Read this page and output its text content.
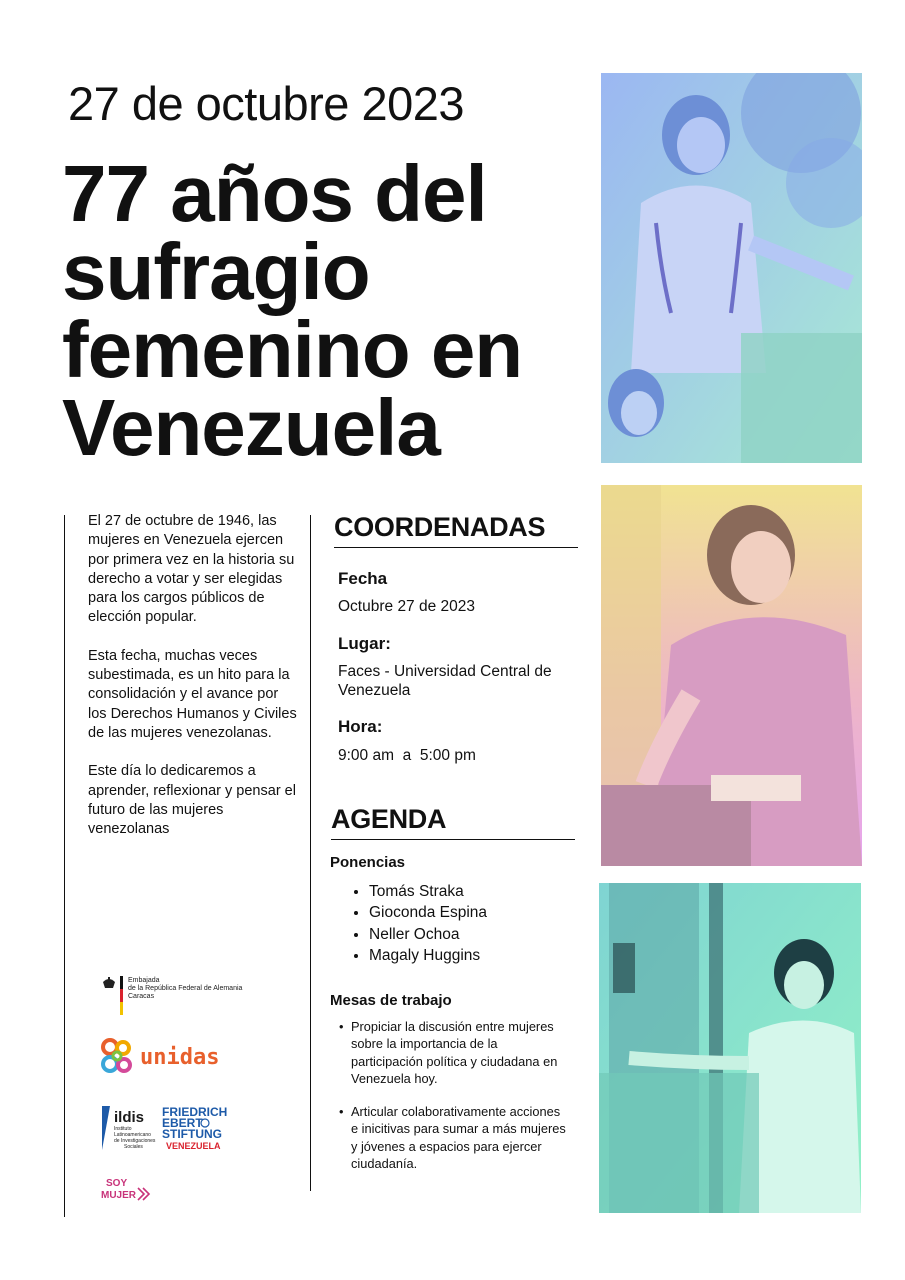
27 de octubre 2023
77 años del
sufragio
femenino en
Venezuela

El 27 de octubre de 1946, las mujeres en Venezuela ejercen por primera vez en la historia su derecho a votar y ser elegidas para los cargos públicos de elección popular.

Esta fecha, muchas veces subestimada, es un hito para la consolidación y el avance por los Derechos Humanos y Civiles de las mujeres venezolanas.

Este día lo dedicaremos a aprender, reflexionar y pensar el futuro de las mujeres venezolanas

COORDENADAS
Fecha
Octubre 27 de 2023
Lugar:
Faces - Universidad Central de Venezuela
Hora:
9:00 am  a  5:00 pm
AGENDA
Ponencias
• Tomás Straka
• Gioconda Espina
• Neller Ochoa
• Magaly Huggins
Mesas de trabajo
• Propiciar la discusión entre mujeres sobre la importancia de la participación política y ciudadana en Venezuela hoy.
• Articular colaborativamente acciones e inicitivas para sumar a más mujeres y jóvenes a espacios para ejercer ciudadanía.
Embajada
de la República Federal de Alemania
Caracas
unidas
ildis
Instituto
Latinoamericano
de Investigaciones
Sociales
FRIEDRICH
EBERT
STIFTUNG
VENEZUELA
SOY
MUJER
